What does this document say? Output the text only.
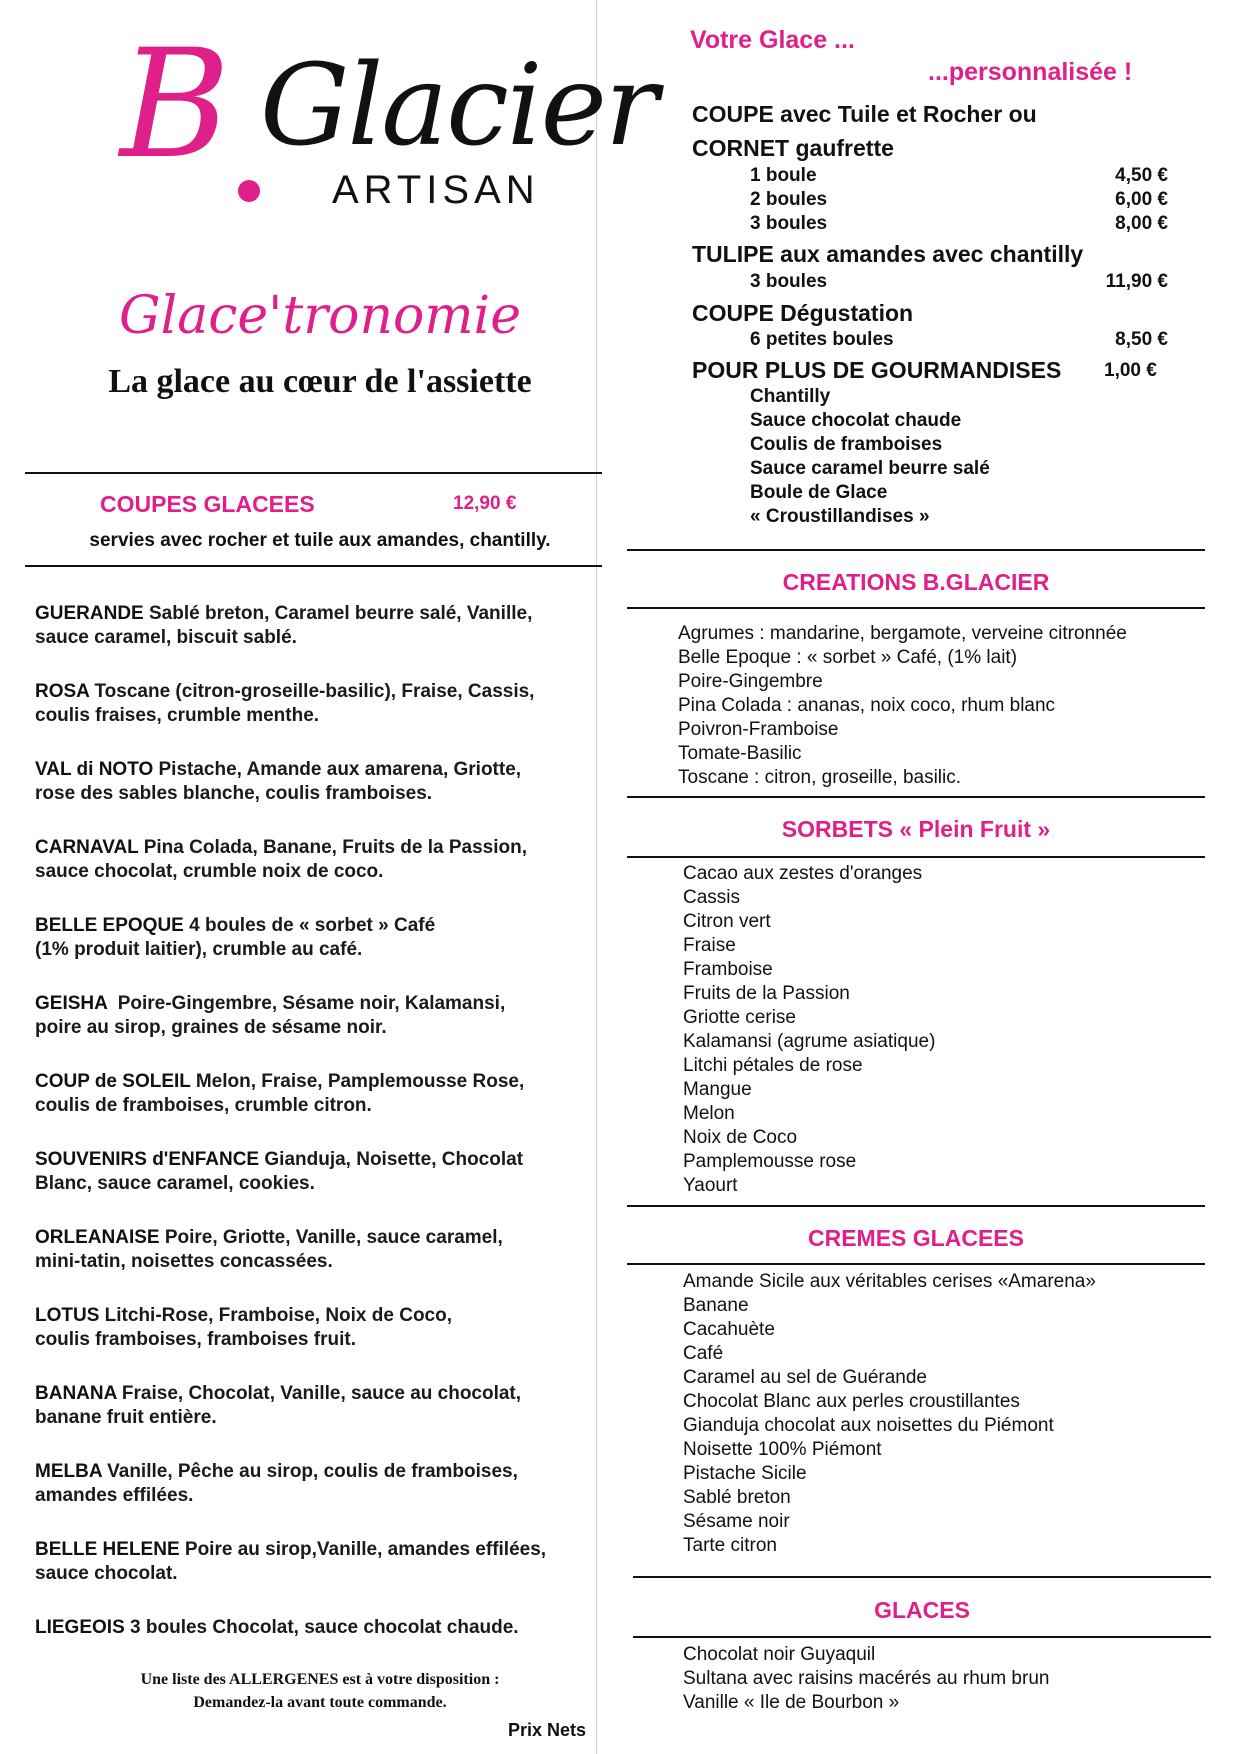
B Glacier
ARTISAN
Glace'tronomie
La glace au cœur de l'assiette
COUPES GLACEES	12,90 €
servies avec rocher et tuile aux amandes, chantilly.
GUERANDE Sablé breton, Caramel beurre salé, Vanille,
sauce caramel, biscuit sablé.
ROSA Toscane (citron-groseille-basilic), Fraise, Cassis,
coulis fraises, crumble menthe.
VAL di NOTO Pistache, Amande aux amarena, Griotte,
rose des sables blanche, coulis framboises.
CARNAVAL Pina Colada, Banane, Fruits de la Passion,
sauce chocolat, crumble noix de coco.
BELLE EPOQUE 4 boules de « sorbet » Café
(1% produit laitier), crumble au café.
GEISHA  Poire-Gingembre, Sésame noir, Kalamansi,
poire au sirop, graines de sésame noir.
COUP de SOLEIL Melon, Fraise, Pamplemousse Rose,
coulis de framboises, crumble citron.
SOUVENIRS d'ENFANCE Gianduja, Noisette, Chocolat
Blanc, sauce caramel, cookies.
ORLEANAISE Poire, Griotte, Vanille, sauce caramel,
mini-tatin, noisettes concassées.
LOTUS Litchi-Rose, Framboise, Noix de Coco,
coulis framboises, framboises fruit.
BANANA Fraise, Chocolat, Vanille, sauce au chocolat,
banane fruit entière.
MELBA Vanille, Pêche au sirop, coulis de framboises,
amandes effilées.
BELLE HELENE Poire au sirop,Vanille, amandes effilées,
sauce chocolat.
LIEGEOIS 3 boules Chocolat, sauce chocolat chaude.
Une liste des ALLERGENES est à votre disposition :
Demandez-la avant toute commande.
Prix Nets
Votre Glace ...
...personnalisée !
COUPE avec Tuile et Rocher ou
CORNET gaufrette
1 boule	4,50 €
2 boules	6,00 €
3 boules	8,00 €
TULIPE aux amandes avec chantilly
3 boules	11,90 €
COUPE Dégustation
6 petites boules	8,50 €
POUR PLUS DE GOURMANDISES 1,00 €
Chantilly
Sauce chocolat chaude
Coulis de framboises
Sauce caramel beurre salé
Boule de Glace
« Croustillandises »
CREATIONS B.GLACIER
Agrumes : mandarine, bergamote, verveine citronnée
Belle Epoque : « sorbet » Café, (1% lait)
Poire-Gingembre
Pina Colada : ananas, noix coco, rhum blanc
Poivron-Framboise
Tomate-Basilic
Toscane : citron, groseille, basilic.
SORBETS « Plein Fruit »
Cacao aux zestes d'oranges
Cassis
Citron vert
Fraise
Framboise
Fruits de la Passion
Griotte cerise
Kalamansi (agrume asiatique)
Litchi pétales de rose
Mangue
Melon
Noix de Coco
Pamplemousse rose
Yaourt
CREMES GLACEES
Amande Sicile aux véritables cerises «Amarena»
Banane
Cacahuète
Café
Caramel au sel de Guérande
Chocolat Blanc aux perles croustillantes
Gianduja chocolat aux noisettes du Piémont
Noisette 100% Piémont
Pistache Sicile
Sablé breton
Sésame noir
Tarte citron
GLACES
Chocolat noir Guyaquil
Sultana avec raisins macérés au rhum brun
Vanille « Ile de Bourbon »
